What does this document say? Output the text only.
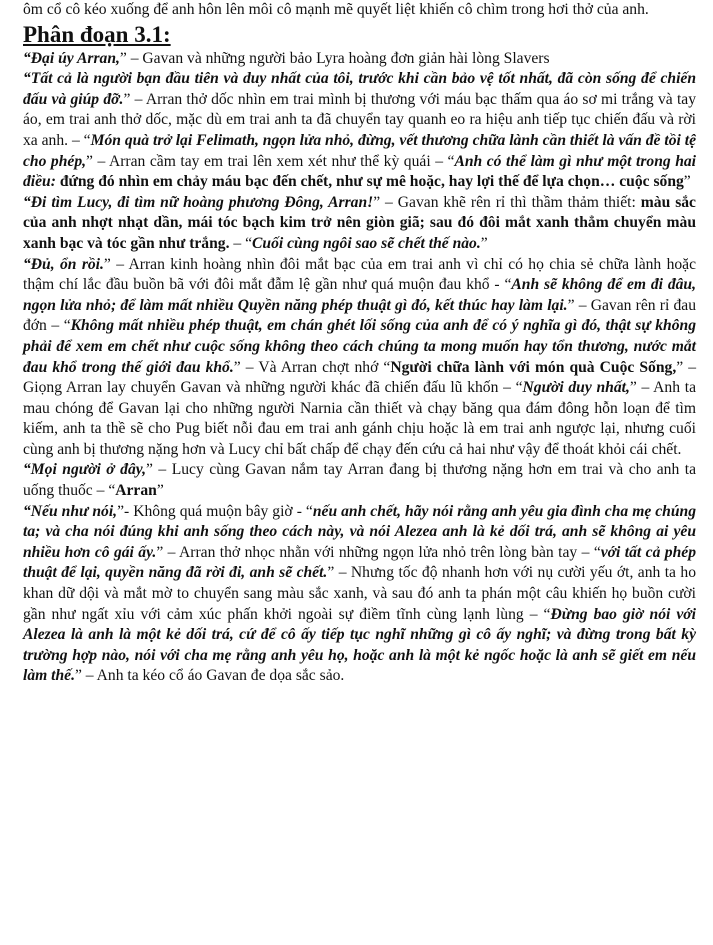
ôm cổ cô kéo xuống để anh hôn lên môi cô mạnh mẽ quyết liệt khiến cô chìm trong hơi thở của anh.

Phân đoạn 3.1:

“Đại úy Arran,” – Gavan và những người bảo Lyra hoàng đơn giản hài lòng Slavers

“Tất cả là người bạn đầu tiên và duy nhất của tôi, trước khi cần bảo vệ tốt nhất, đã còn sống để chiến đấu và giúp đỡ.” – Arran thở dốc nhìn em trai mình bị thương với máu bạc thấm qua áo sơ mi trắng và tay áo, em trai anh thở dốc, mặc dù em trai anh ta đã chuyển tay quanh eo ra hiệu anh tiếp tục chiến đấu và rời xa anh. – “Món quà trở lại Felimath, ngọn lửa nhỏ, đừng, vết thương chữa lành cần thiết là vấn đề tồi tệ cho phép,” – Arran cầm tay em trai lên xem xét như thể kỳ quái – “Anh có thể làm gì như một trong hai điều: đứng đó nhìn em chảy máu bạc đến chết, như sự mê hoặc, hay lợi thế để lựa chọn… cuộc sống”

“Đi tìm Lucy, đi tìm nữ hoàng phương Đông, Arran!” – Gavan khẽ rên rỉ thì thầm thảm thiết: màu sắc của anh nhợt nhạt dần, mái tóc bạch kim trở nên giòn giã; sau đó đôi mắt xanh thẳm chuyển màu xanh bạc và tóc gần như trắng. – “Cuối cùng ngôi sao sẽ chết thế nào.”

“Đủ, ổn rồi.” – Arran kinh hoàng nhìn đôi mắt bạc của em trai anh vì chỉ có họ chia sẻ chữa lành hoặc thậm chí lắc đầu buồn bã với đôi mắt đẫm lệ gần như quá muộn đau khổ - “Anh sẽ không để em đi đâu, ngọn lửa nhỏ; để làm mất nhiều Quyền năng phép thuật gì đó, kết thúc hay làm lại.” – Gavan rên rỉ đau đớn – “Không mất nhiều phép thuật, em chán ghét lối sống của anh để có ý nghĩa gì đó, thật sự không phải để xem em chết như cuộc sống không theo cách chúng ta mong muốn hay tổn thương, nước mắt đau khổ trong thế giới đau khổ.” – Và Arran chợt nhớ “Người chữa lành với món quà Cuộc Sống,” – Giọng Arran lay chuyển Gavan và những người khác đã chiến đấu lũ khốn – “Người duy nhất,” – Anh ta mau chóng để Gavan lại cho những người Narnia cần thiết và chạy băng qua đám đông hỗn loạn để tìm kiếm, anh ta thề sẽ cho Pug biết nỗi đau em trai anh gánh chịu hoặc là em trai anh ngược lại, nhưng cuối cùng anh bị thương nặng hơn và Lucy chỉ bất chấp để chạy đến cứu cả hai như vậy để thoát khỏi cái chết.

“Mọi người ở đây,” – Lucy cùng Gavan nắm tay Arran đang bị thương nặng hơn em trai và cho anh ta uống thuốc – “Arran”

“Nếu như nói,”- Không quá muộn bây giờ - “nếu anh chết, hãy nói rằng anh yêu gia đình cha mẹ chúng ta; và cha nói đúng khi anh sống theo cách này, và nói Alezea anh là kẻ dối trá, anh sẽ không ai yêu nhiều hơn cô gái ấy.” – Arran thở nhọc nhằn với những ngọn lửa nhỏ trên lòng bàn tay – “với tất cả phép thuật để lại, quyền năng đã rời đi, anh sẽ chết.” – Nhưng tốc độ nhanh hơn với nụ cười yếu ớt, anh ta ho khan dữ dội và mắt mờ to chuyển sang màu sắc xanh, và sau đó anh ta phán một câu khiến họ buồn cười gần như ngất xỉu với cảm xúc phấn khởi ngoài sự điềm tĩnh cùng lạnh lùng – “Đừng bao giờ nói với Alezea là anh là một kẻ dối trá, cứ để cô ấy tiếp tục nghĩ những gì cô ấy nghĩ; và đừng trong bất kỳ trường hợp nào, nói với cha mẹ rằng anh yêu họ, hoặc anh là một kẻ ngốc hoặc là anh sẽ giết em nếu làm thế.” – Anh ta kéo cổ áo Gavan đe dọa sắc sảo.
